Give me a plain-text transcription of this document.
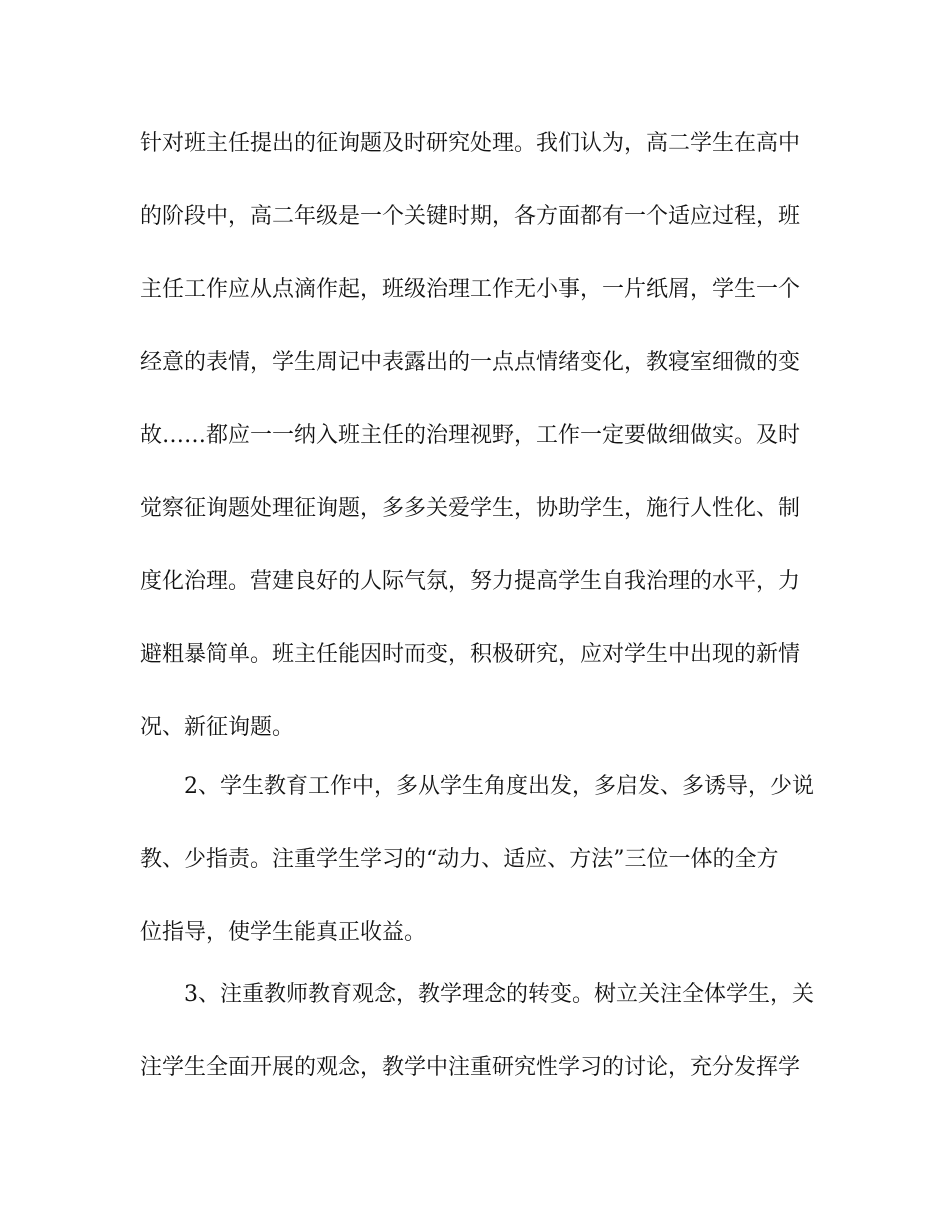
针对班主任提出的征询题及时研究处理。我们认为，高二学生在高中
的阶段中，高二年级是一个关键时期，各方面都有一个适应过程，班
主任工作应从点滴作起，班级治理工作无小事，一片纸屑，学生一个
经意的表情，学生周记中表露出的一点点情绪变化，教寝室细微的变
故……都应一一纳入班主任的治理视野，工作一定要做细做实。及时
觉察征询题处理征询题，多多关爱学生，协助学生，施行人性化、制
度化治理。营建良好的人际气氛，努力提高学生自我治理的水平，力
避粗暴简单。班主任能因时而变，积极研究，应对学生中出现的新情
况、新征询题。
2、学生教育工作中，多从学生角度出发，多启发、多诱导，少说
教、少指责。注重学生学习的“动力、适应、方法”三位一体的全方
位指导，使学生能真正收益。
3、注重教师教育观念，教学理念的转变。树立关注全体学生，关
注学生全面开展的观念，教学中注重研究性学习的讨论，充分发挥学
